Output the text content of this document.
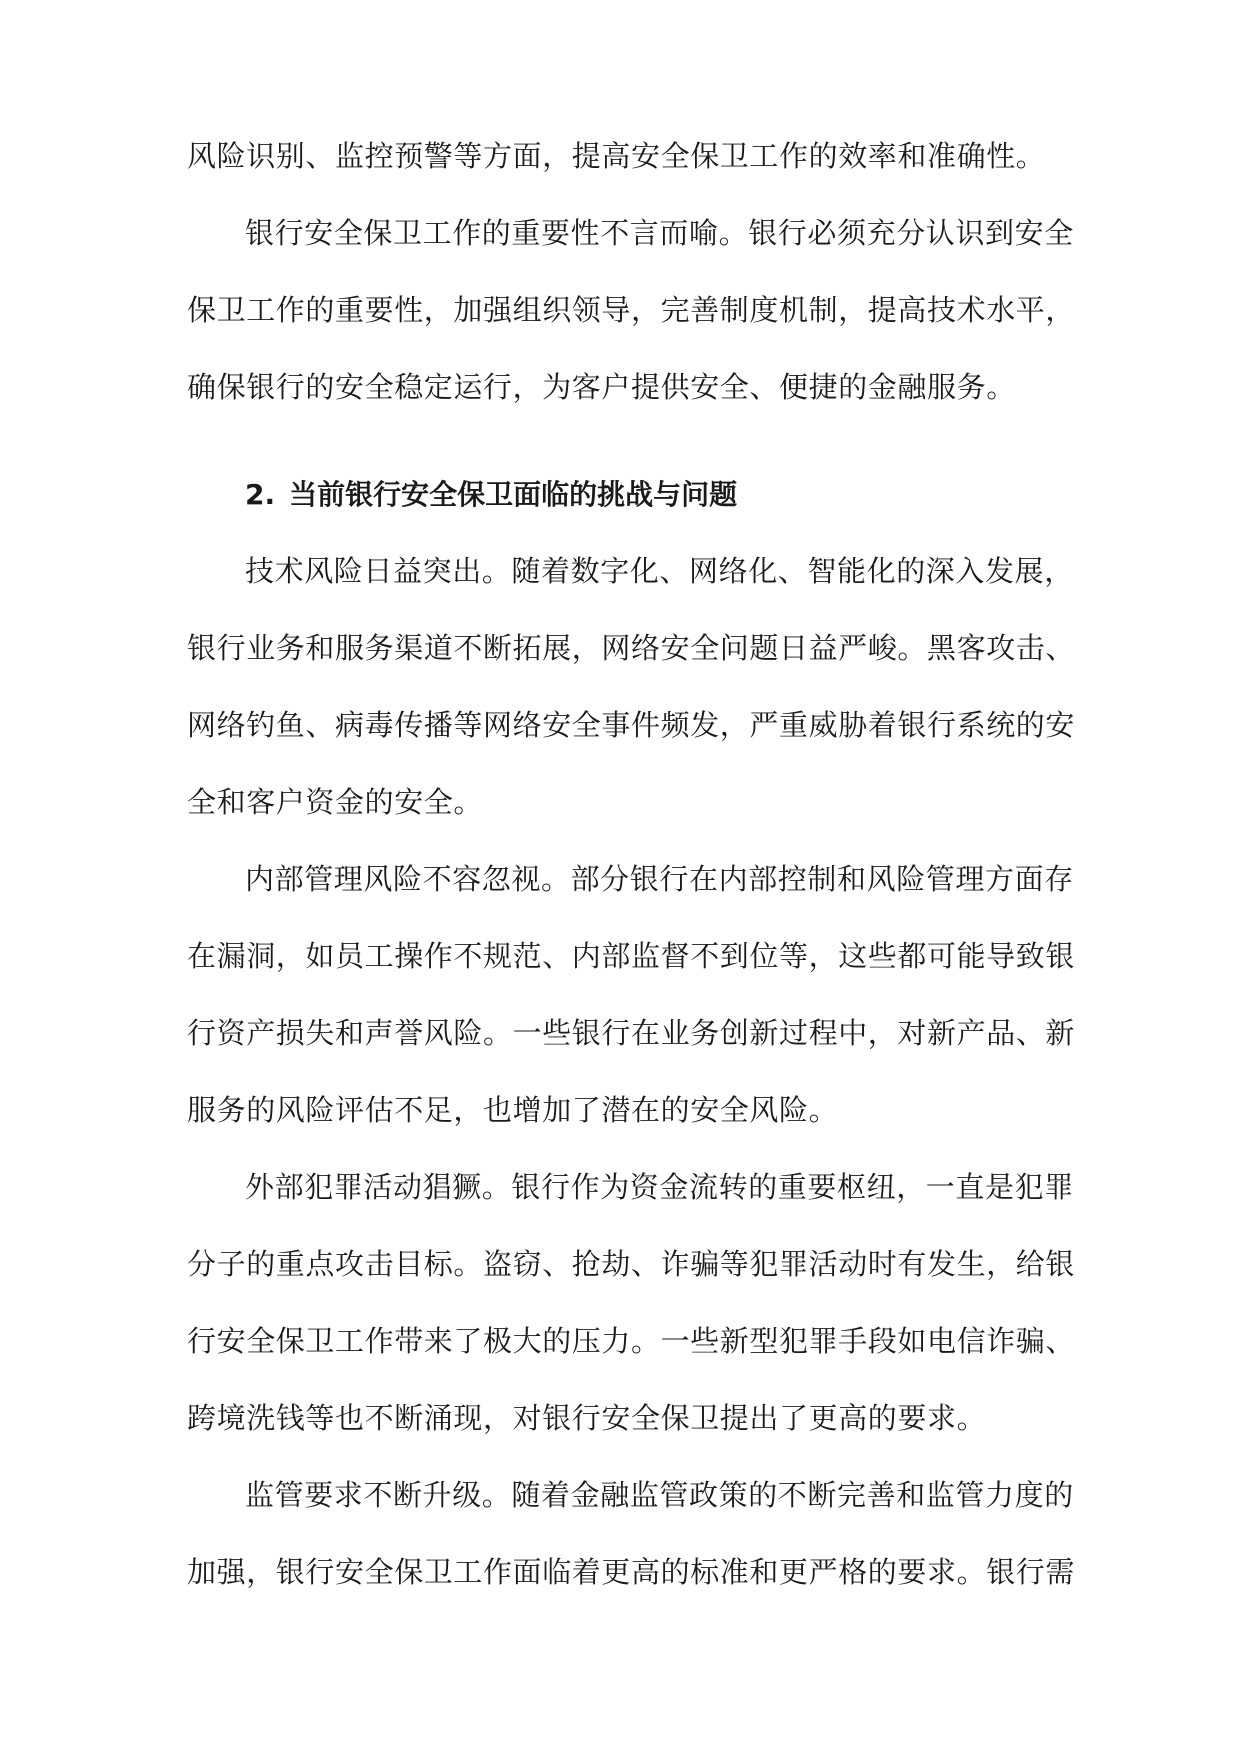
风险识别、监控预警等方面，提高安全保卫工作的效率和准确性。
银行安全保卫工作的重要性不言而喻。银行必须充分认识到安全
保卫工作的重要性，加强组织领导，完善制度机制，提高技术水平，
确保银行的安全稳定运行，为客户提供安全、便捷的金融服务。
2. 当前银行安全保卫面临的挑战与问题
技术风险日益突出。随着数字化、网络化、智能化的深入发展，
银行业务和服务渠道不断拓展，网络安全问题日益严峻。黑客攻击、
网络钓鱼、病毒传播等网络安全事件频发，严重威胁着银行系统的安
全和客户资金的安全。
内部管理风险不容忽视。部分银行在内部控制和风险管理方面存
在漏洞，如员工操作不规范、内部监督不到位等，这些都可能导致银
行资产损失和声誉风险。一些银行在业务创新过程中，对新产品、新
服务的风险评估不足，也增加了潜在的安全风险。
外部犯罪活动猖獗。银行作为资金流转的重要枢纽，一直是犯罪
分子的重点攻击目标。盗窃、抢劫、诈骗等犯罪活动时有发生，给银
行安全保卫工作带来了极大的压力。一些新型犯罪手段如电信诈骗、
跨境洗钱等也不断涌现，对银行安全保卫提出了更高的要求。
监管要求不断升级。随着金融监管政策的不断完善和监管力度的
加强，银行安全保卫工作面临着更高的标准和更严格的要求。银行需
